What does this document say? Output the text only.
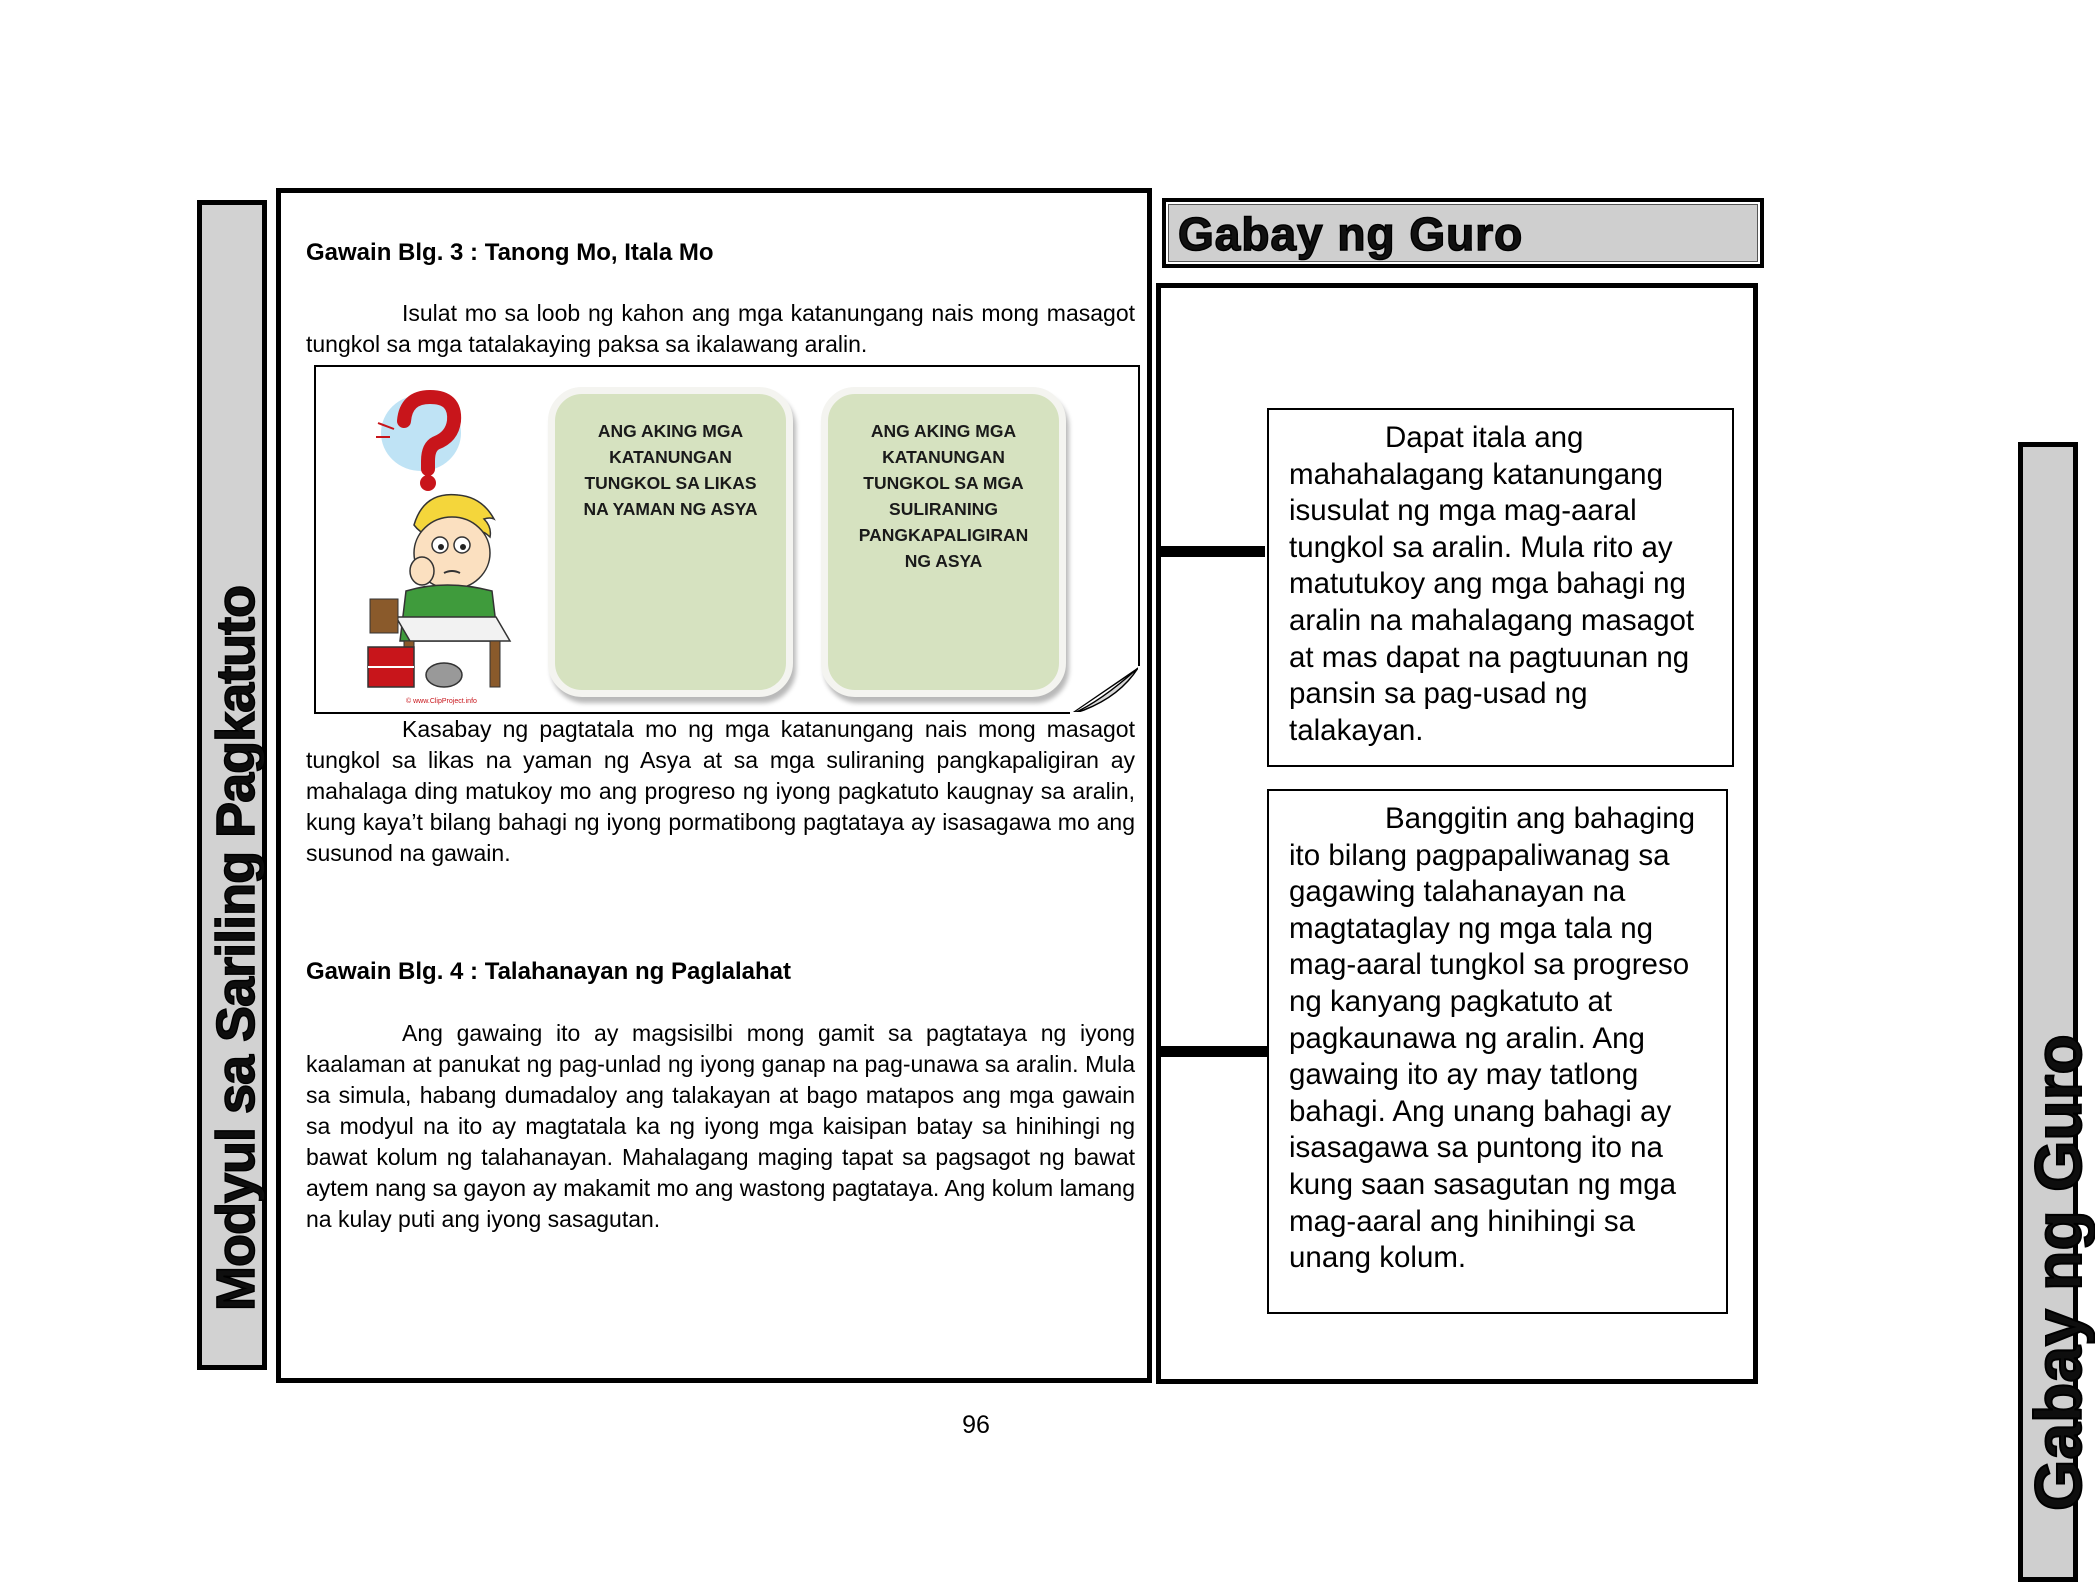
Modyul sa Sariling Pagkatuto	Gabay ng Guro
Gawain Blg. 3 : Tanong Mo, Itala Mo
Isulat mo sa loob ng kahon ang mga katanungang nais mong masagot tungkol sa mga tatalakaying paksa sa ikalawang aralin.
© www.ClipProject.info
ANG AKING MGA KATANUNGAN TUNGKOL SA LIKAS NA YAMAN NG ASYA
ANG AKING MGA KATANUNGAN TUNGKOL SA MGA SULIRANING PANGKAPALIGIRAN NG ASYA
Kasabay ng pagtatala mo ng mga katanungang nais mong masagot tungkol sa likas na yaman ng Asya at sa mga suliraning pangkapaligiran ay mahalaga ding matukoy mo ang progreso ng iyong pagkatuto kaugnay sa aralin, kung kaya’t bilang bahagi ng iyong pormatibong pagtataya ay isasagawa mo ang susunod na gawain.
Gawain Blg. 4 : Talahanayan ng Paglalahat
Ang gawaing ito ay magsisilbi mong gamit sa pagtataya ng iyong kaalaman at panukat ng pag-unlad ng iyong ganap na pag-unawa sa aralin. Mula sa simula, habang dumadaloy ang talakayan at bago matapos ang mga gawain sa modyul na ito ay magtatala ka ng iyong mga kaisipan batay sa hinihingi ng bawat kolum ng talahanayan. Mahalagang maging tapat sa pagsagot ng bawat aytem nang sa gayon ay makamit mo ang wastong pagtataya. Ang kolum lamang na kulay puti ang iyong sasagutan.
Gabay ng Guro
Dapat itala ang mahahalagang katanungang isusulat ng mga mag-aaral tungkol sa aralin. Mula rito ay matutukoy ang mga bahagi ng aralin na mahalagang masagot at mas dapat na pagtuunan ng pansin sa pag-usad ng talakayan.
Banggitin ang bahaging ito bilang pagpapaliwanag sa gagawing talahanayan na magtataglay ng mga tala ng mag-aaral tungkol sa progreso ng kanyang pagkatuto at pagkaunawa ng aralin. Ang gawaing ito ay may tatlong bahagi. Ang unang bahagi ay isasagawa sa puntong ito na kung saan sasagutan ng mga mag-aaral ang hinihingi sa unang kolum.
96
